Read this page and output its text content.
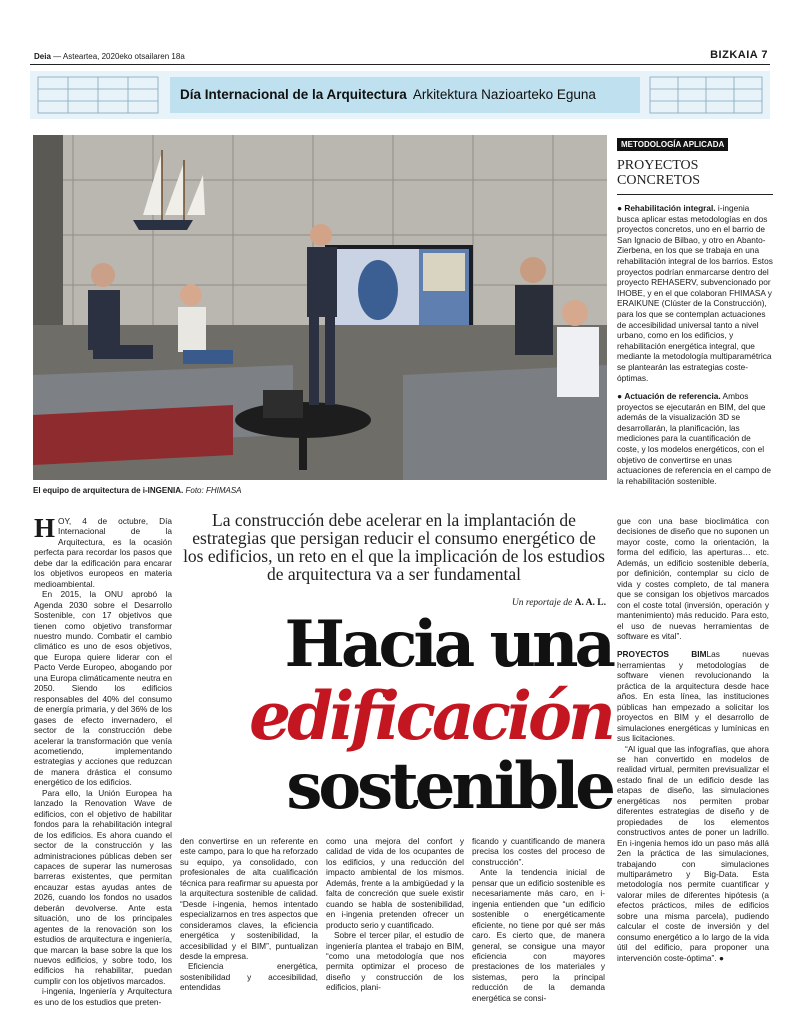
Deia — Asteartea, 2020eko otsailaren 18a	BIZKAIA 7
Día Internacional de la Arquitectura Arkitektura Nazioarteko Eguna
El equipo de arquitectura de i-INGENIA. Foto: FHIMASA
METODOLOGÍA APLICADA
PROYECTOS CONCRETOS

● Rehabilitación integral. i-ingenia busca aplicar estas metodologías en dos proyectos concretos, uno en el barrio de San Ignacio de Bilbao, y otro en Abanto-Zierbena, en los que se trabaja en una rehabilitación integral de los barrios. Estos proyectos podrían enmarcarse dentro del proyecto REHASERV, subvencionado por IHOBE, y en el que colaboran FHIMASA y ERAIKUNE (Clúster de la Construcción), para los que se contemplan actuaciones de accesibilidad universal tanto a nivel urbano, como en los edificios, y rehabilitación energética integral, que mediante la metodología multiparamétrica se plantearán las estrategias coste-óptimas.

● Actuación de referencia. Ambos proyectos se ejecutarán en BIM, del que además de la visualización 3D se desarrollarán, la planificación, las mediciones para la cuantificación de coste, y los modelos energéticos, con el objetivo de convertirse en unas actuaciones de referencia en el campo de la rehabilitación sostenible.

La construcción debe acelerar en la implantación de estrategias que persigan reducir el consumo energético de los edificios, un reto en el que la implicación de los estudios de arquitectura va a ser fundamental
Un reportaje de A. A. L.
Hacia una
edificación
sostenible

HOY, 4 de octubre, Día Internacional de la Arquitectura, es la ocasión perfecta para recordar los pasos que debe dar la edificación para encarar los objetivos europeos en materia medioambiental.

En 2015, la ONU aprobó la Agenda 2030 sobre el Desarrollo Sostenible, con 17 objetivos que tienen como objetivo transformar nuestro mundo. Combatir el cambio climático es uno de esos objetivos, que Europa quiere liderar con el Pacto Verde Europeo, abogando por una Europa climáticamente neutra en 2050. Siendo los edificios responsables del 40% del consumo de energía primaria, y del 36% de los gases de efecto invernadero, el sector de la construcción debe acelerar la transformación que venía acometiendo, implementando estrategias y acciones que reduzcan de manera drástica el consumo energético de los edificios.

Para ello, la Unión Europea ha lanzado la Renovation Wave de edificios, con el objetivo de habilitar fondos para la rehabilitación integral de los edificios. Es ahora cuando el sector de la construcción y las administraciones públicas deben ser capaces de superar las numerosas barreras existentes, que permitan encauzar estas ayudas antes de 2026, cuando los fondos no usados deberán devolverse. Ante esta situación, uno de los principales agentes de la renovación son los estudios de arquitectura e ingeniería, que marcan la base sobre la que los nuevos edificios, y sobre todo, los edificios ha rehabilitar, puedan cumplir con los objetivos marcados.

i-ingenia, Ingeniería y Arquitectura es uno de los estudios que preten-

den convertirse en un referente en este campo, para lo que ha reforzado su equipo, ya consolidado, con profesionales de alta cualificación técnica para reafirmar su apuesta por la arquitectura sostenible de calidad. “Desde i-ingenia, hemos intentado especializarnos en tres aspectos que consideramos claves, la eficiencia energética y sostenibilidad, la accesibilidad y el BIM”, puntualizan desde la empresa.

Eficiencia energética, sostenibilidad y accesibilidad, entendidas

como una mejora del confort y calidad de vida de los ocupantes de los edificios, y una reducción del impacto ambiental de los mismos. Además, frente a la ambigüedad y la falta de concreción que suele existir cuando se habla de sostenibilidad, en i-ingenia pretenden ofrecer un producto serio y cuantificado.

Sobre el tercer pilar, el estudio de ingeniería plantea el trabajo en BIM, “como una metodología que nos permita optimizar el proceso de diseño y construcción de los edificios, plani-

ficando y cuantificando de manera precisa los costes del proceso de construcción”.

Ante la tendencia inicial de pensar que un edificio sostenible es necesariamente más caro, en i-ingenia entienden que “un edificio sostenible o energéticamente eficiente, no tiene por qué ser más caro. Es cierto que, de manera general, se consigue una mayor eficiencia con mayores prestaciones de los materiales y sistemas, pero la principal reducción de la demanda energética se consi-

gue con una base bioclimática con decisiones de diseño que no suponen un mayor coste, como la orientación, la forma del edificio, las aperturas… etc. Además, un edificio sostenible debería, por definición, contemplar su ciclo de vida y costes completo, de tal manera que se consigan los objetivos marcados con el coste total (inversión, operación y mantenimiento) más reducido. Para esto, el uso de nuevas herramientas de software es vital”.

PROYECTOS BIMLas nuevas herramientas y metodologías de software vienen revolucionando la práctica de la arquitectura desde hace años. En esta línea, las instituciones públicas han empezado a solicitar los proyectos en BIM y el desarrollo de simulaciones energéticas y lumínicas en sus licitaciones.

“Al igual que las infografías, que ahora se han convertido en modelos de realidad virtual, permiten previsualizar el estado final de un edificio desde las etapas de diseño, las simulaciones energéticas nos permiten probar diferentes estrategias de diseño y de propiedades de los elementos constructivos antes de poner un ladrillo. En i-ingenia hemos ido un paso más allá 2en la práctica de las simulaciones, trabajando con simulaciones multiparámetro y Big-Data. Esta metodología nos permite cuantificar y valorar miles de diferentes hipótesis (a efectos prácticos, miles de edificios sobre una misma parcela), pudiendo calcular el coste de inversión y del consumo energético a lo largo de la vida útil del edificio, para proponer una intervención coste-óptima”. ●
